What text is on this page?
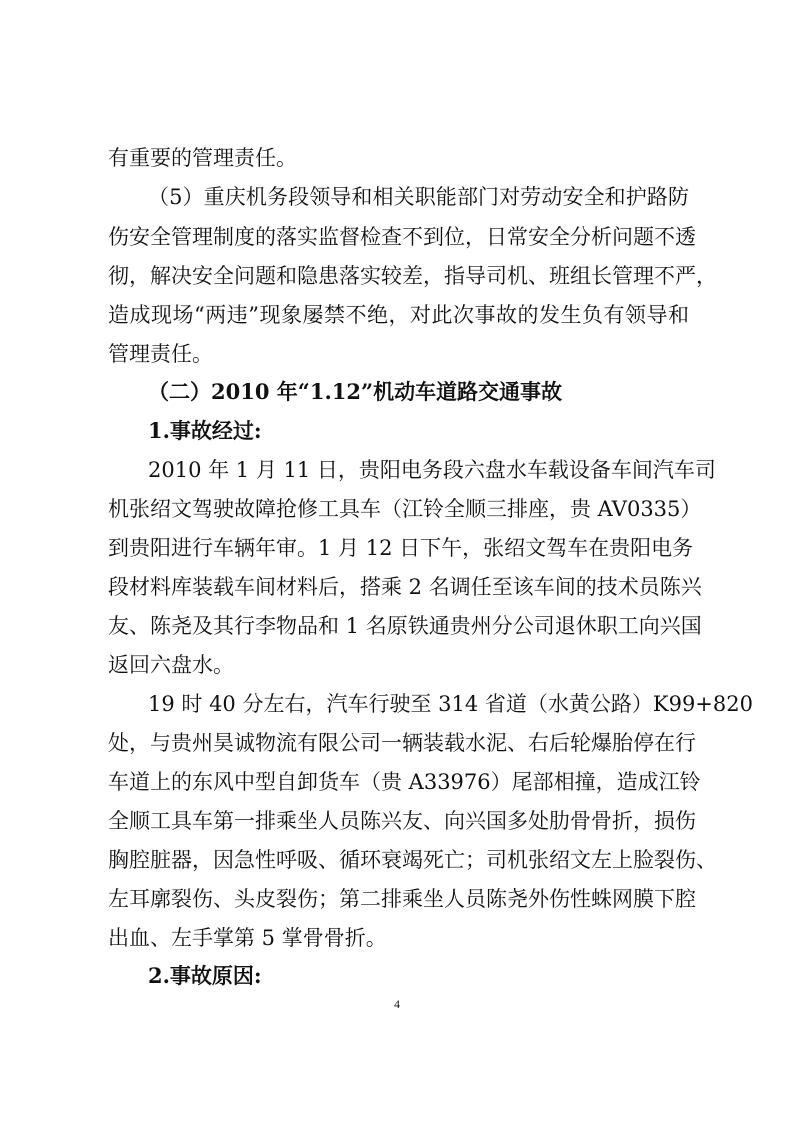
有重要的管理责任。
（5）重庆机务段领导和相关职能部门对劳动安全和护路防
伤安全管理制度的落实监督检查不到位，日常安全分析问题不透
彻，解决安全问题和隐患落实较差，指导司机、班组长管理不严，
造成现场“两违”现象屡禁不绝，对此次事故的发生负有领导和
管理责任。
（二）2010 年“1.12”机动车道路交通事故
1.事故经过:
2010 年 1 月 11 日，贵阳电务段六盘水车载设备车间汽车司
机张绍文驾驶故障抢修工具车（江铃全顺三排座，贵 AV0335）
到贵阳进行车辆年审。1 月 12 日下午，张绍文驾车在贵阳电务
段材料库装载车间材料后，搭乘 2 名调任至该车间的技术员陈兴
友、陈尧及其行李物品和 1 名原铁通贵州分公司退休职工向兴国
返回六盘水。
19 时 40 分左右，汽车行驶至 314 省道（水黄公路）K99+820
处，与贵州昊诚物流有限公司一辆装载水泥、右后轮爆胎停在行
车道上的东风中型自卸货车（贵 A33976）尾部相撞，造成江铃
全顺工具车第一排乘坐人员陈兴友、向兴国多处肋骨骨折，损伤
胸腔脏器，因急性呼吸、循环衰竭死亡；司机张绍文左上脸裂伤、
左耳廓裂伤、头皮裂伤；第二排乘坐人员陈尧外伤性蛛网膜下腔
出血、左手掌第 5 掌骨骨折。
2.事故原因:
4
